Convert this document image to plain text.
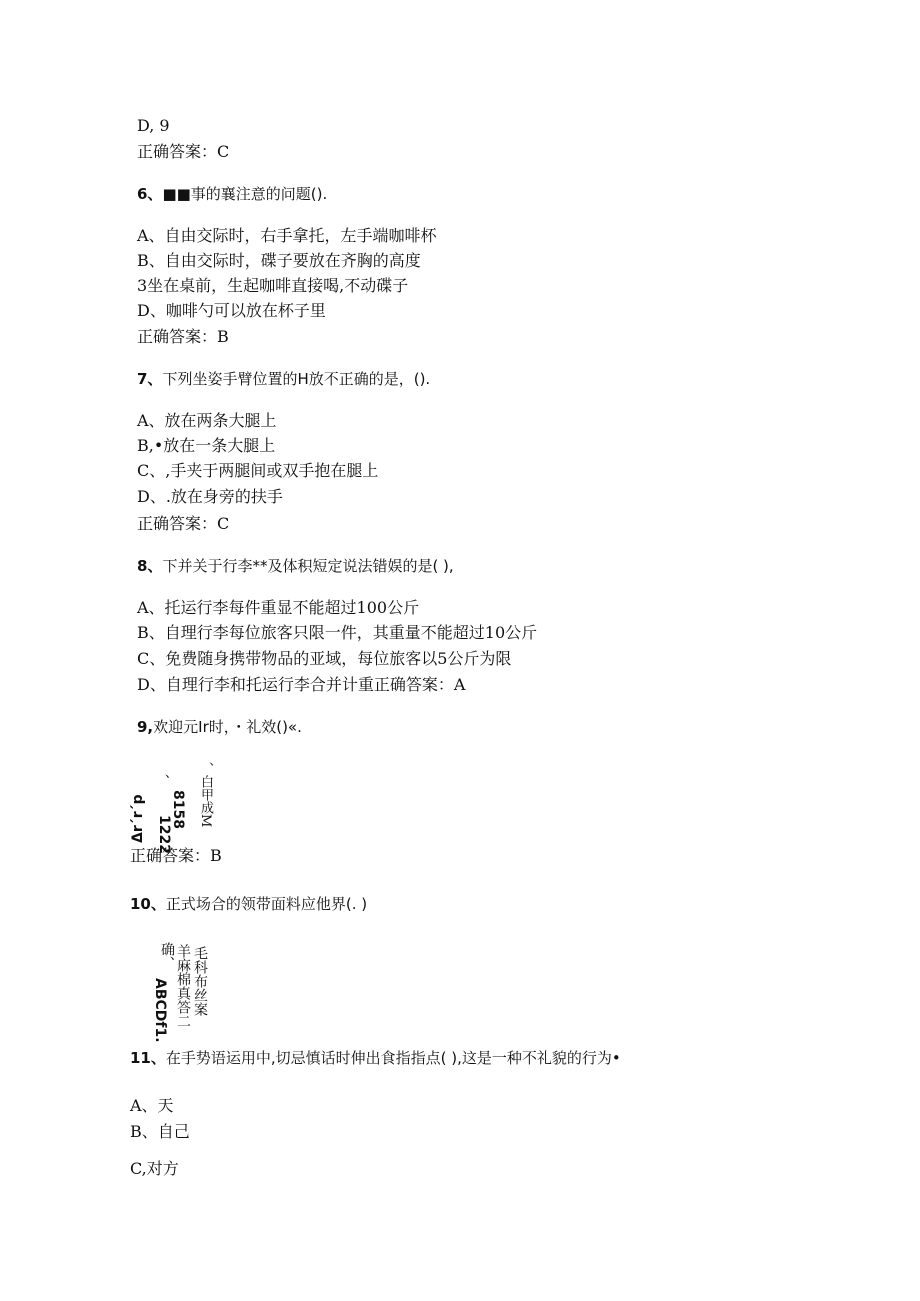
D, 9
正确答案：C
6、■■事的襄注意的问题().
A、自由交际时，右手拿托，左手端咖啡杯
B、自由交际时，碟子要放在齐胸的高度
3坐在桌前，生起咖啡直接喝,不动碟子
D、咖啡勺可以放在杯子里
正确答案：B
7、下列坐姿手臂位置的H放不正确的是，().
A、放在两条大腿上
B,•放在一条大腿上
C、,手夹于两腿间或双手抱在腿上
D、.放在身旁的扶手
正确答案：C
8、下并关于行李**及体积短定说法错娱的是( ),
A、托运行李每件重显不能超过100公斤
B、自理行李每位旅客只限一件，其重量不能超过10公斤
C、免费随身携带物品的亚域，每位旅客以5公斤为限
D、自理行李和托运行李合并计重正确答案：A
9,欢迎元Ir时，・礼效()«.
Δr´r´p
、
1222
8158 、白甲成M
正确答案：B
10、正式场合的领带面料应他界(. )
ABCDf1.
确、 羊麻棉真答二 毛科布丝案
11、在手势语运用中,切忌慎话时伸出食指指点( ),这是一种不礼貌的行为•
A、天
B、自己
C,对方
